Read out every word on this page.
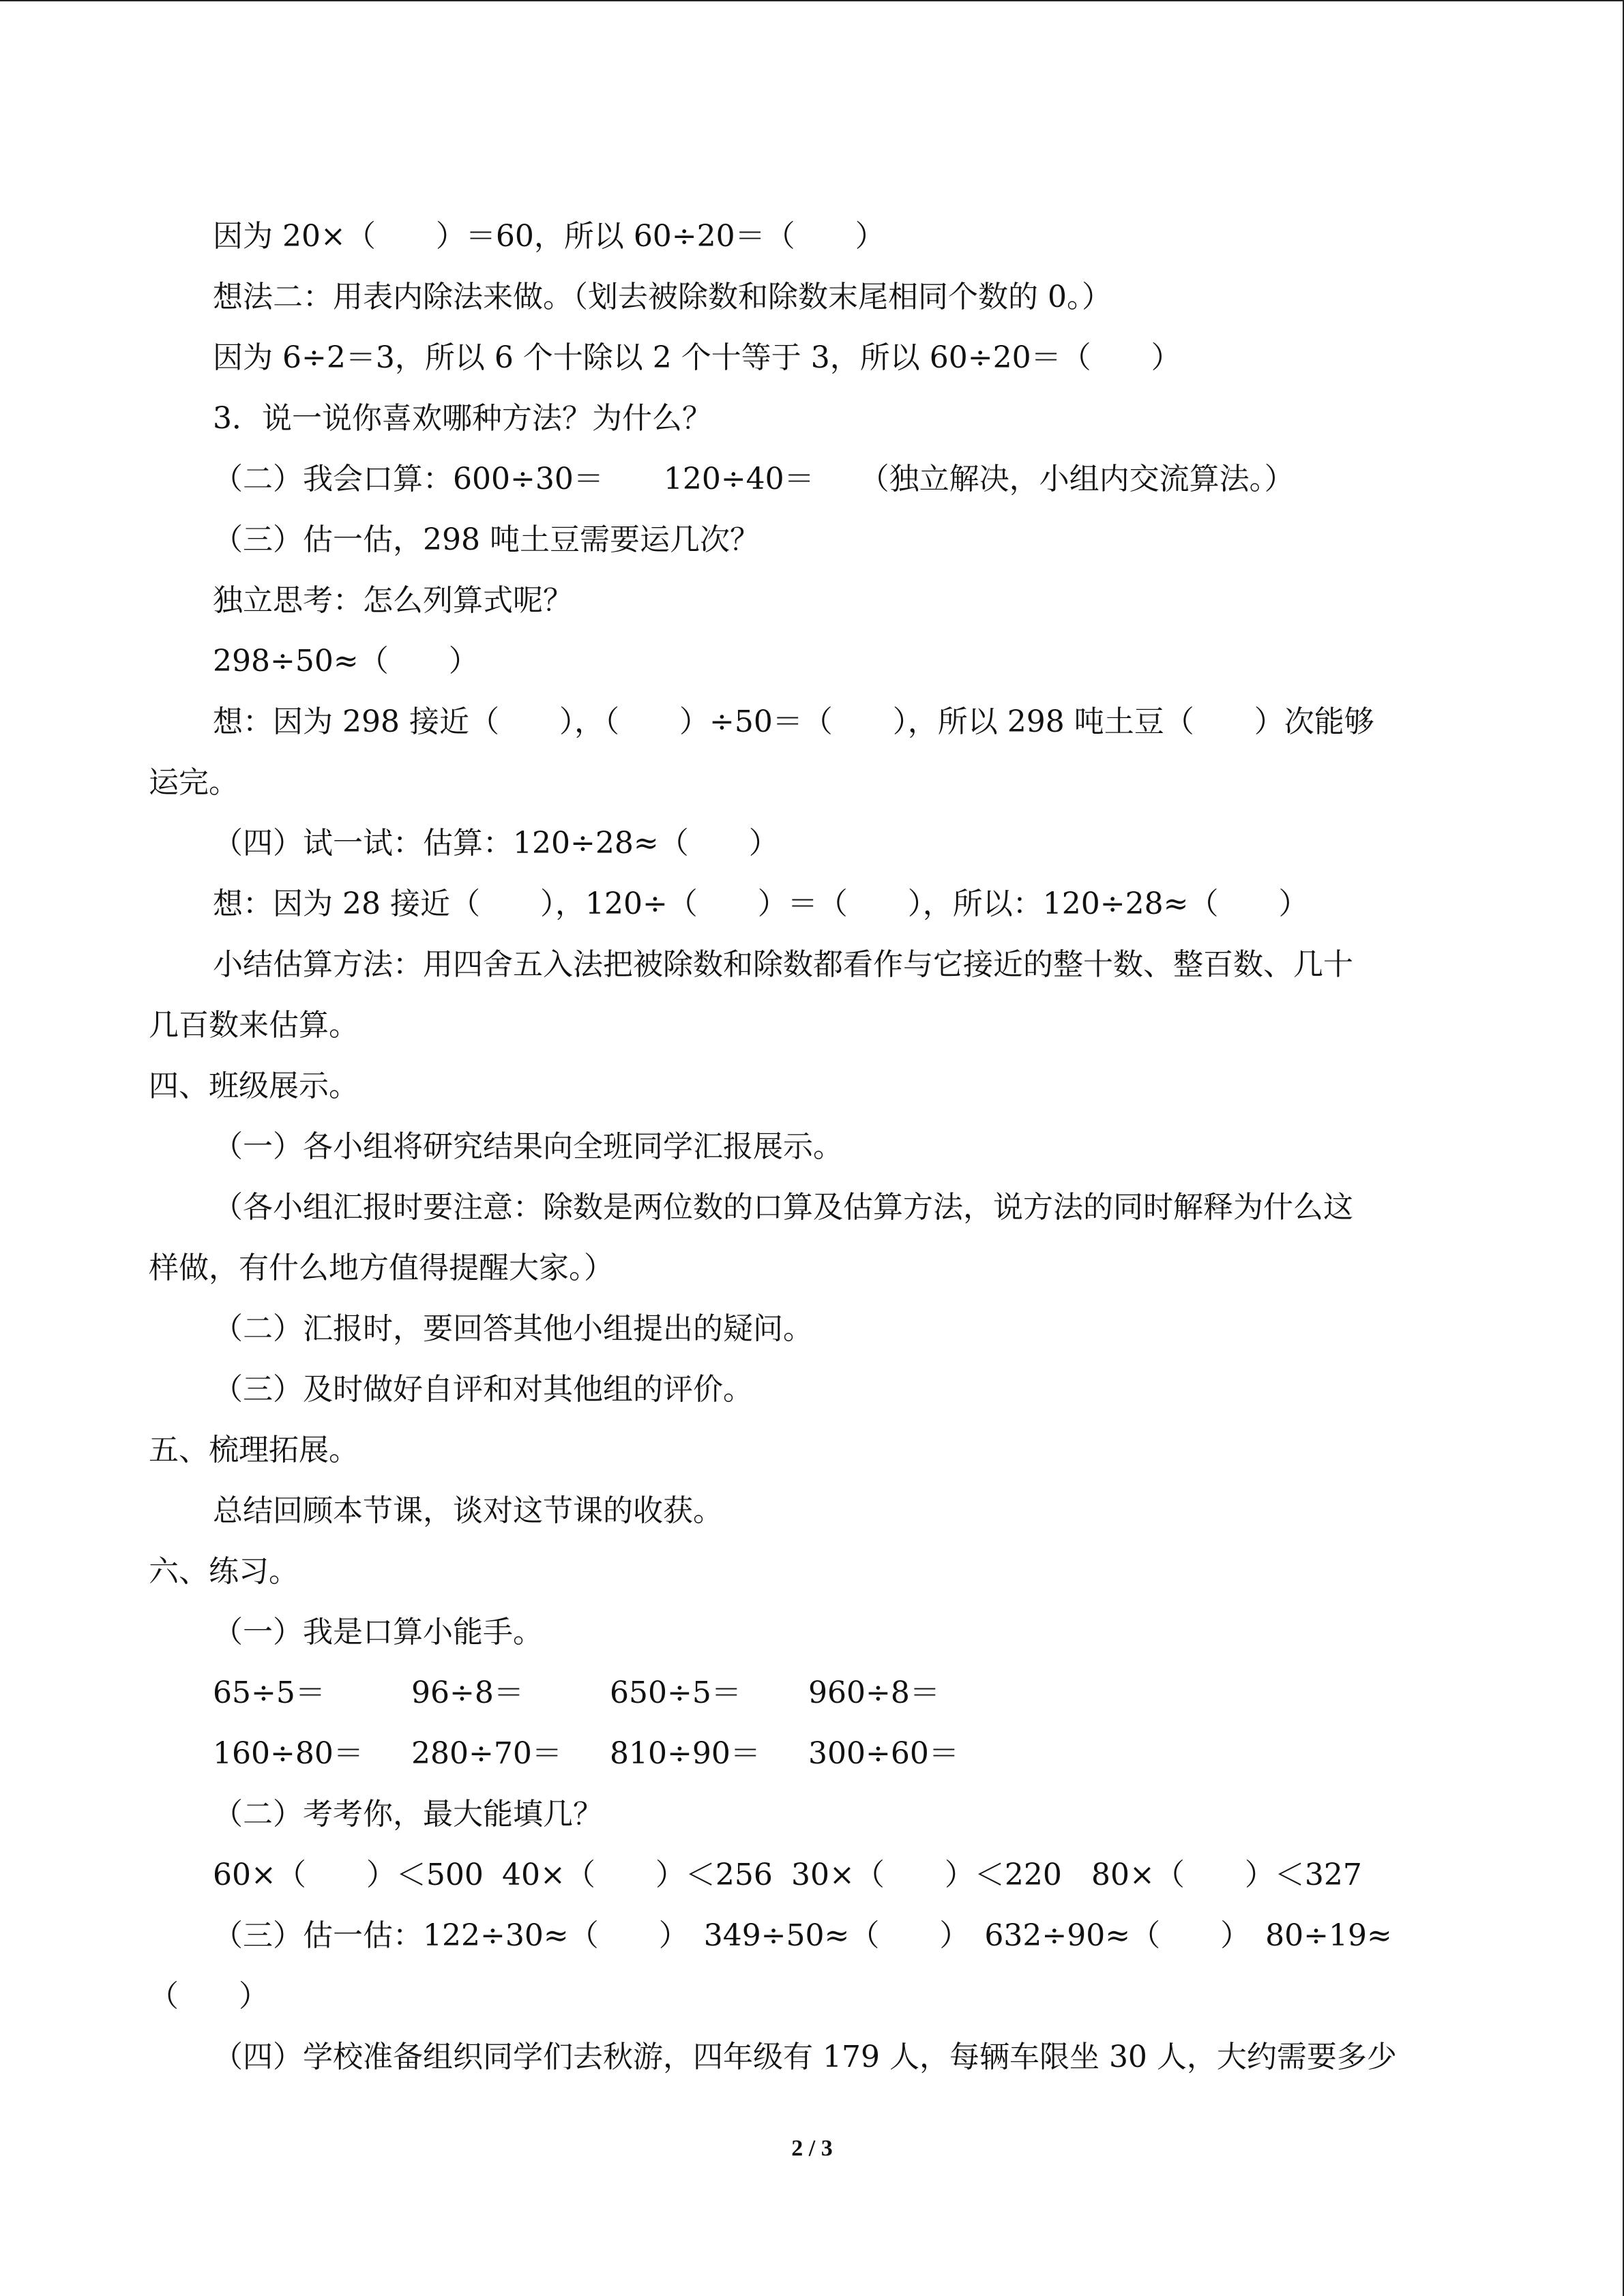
因为 20×（　　）＝60，所以 60÷20＝（　　）
想法二：用表内除法来做。（划去被除数和除数末尾相同个数的 0。）
因为 6÷2＝3，所以 6 个十除以 2 个十等于 3，所以 60÷20＝（　　）
3．说一说你喜欢哪种方法？为什么？
（二）我会口算：600÷30＝　　120÷40＝　　（独立解决，小组内交流算法。）
（三）估一估，298 吨土豆需要运几次？
独立思考：怎么列算式呢？
298÷50≈（　　）
想：因为 298 接近（　　），（　　）÷50＝（　　），所以 298 吨土豆（　　）次能够
运完。
（四）试一试：估算：120÷28≈（　　）
想：因为 28 接近（　　），120÷（　　）＝（　　），所以：120÷28≈（　　）
小结估算方法：用四舍五入法把被除数和除数都看作与它接近的整十数、整百数、几十
几百数来估算。
四、班级展示。
（一）各小组将研究结果向全班同学汇报展示。
（各小组汇报时要注意：除数是两位数的口算及估算方法，说方法的同时解释为什么这
样做，有什么地方值得提醒大家。）
（二）汇报时，要回答其他小组提出的疑问。
（三）及时做好自评和对其他组的评价。
五、梳理拓展。
总结回顾本节课，谈对这节课的收获。
六、练习。
（一）我是口算小能手。
65÷5＝	96÷8＝	650÷5＝	960÷8＝
160÷80＝	280÷70＝	810÷90＝	300÷60＝
（二）考考你，最大能填几？
60×（　　）＜500 40×（　　）＜256 30×（　　）＜220 80×（　　）＜327
（三）估一估：122÷30≈（　　）　349÷50≈（　　）　632÷90≈（　　）　80÷19≈
（　　）
（四）学校准备组织同学们去秋游，四年级有 179 人，每辆车限坐 30 人，大约需要多少
2 / 3
